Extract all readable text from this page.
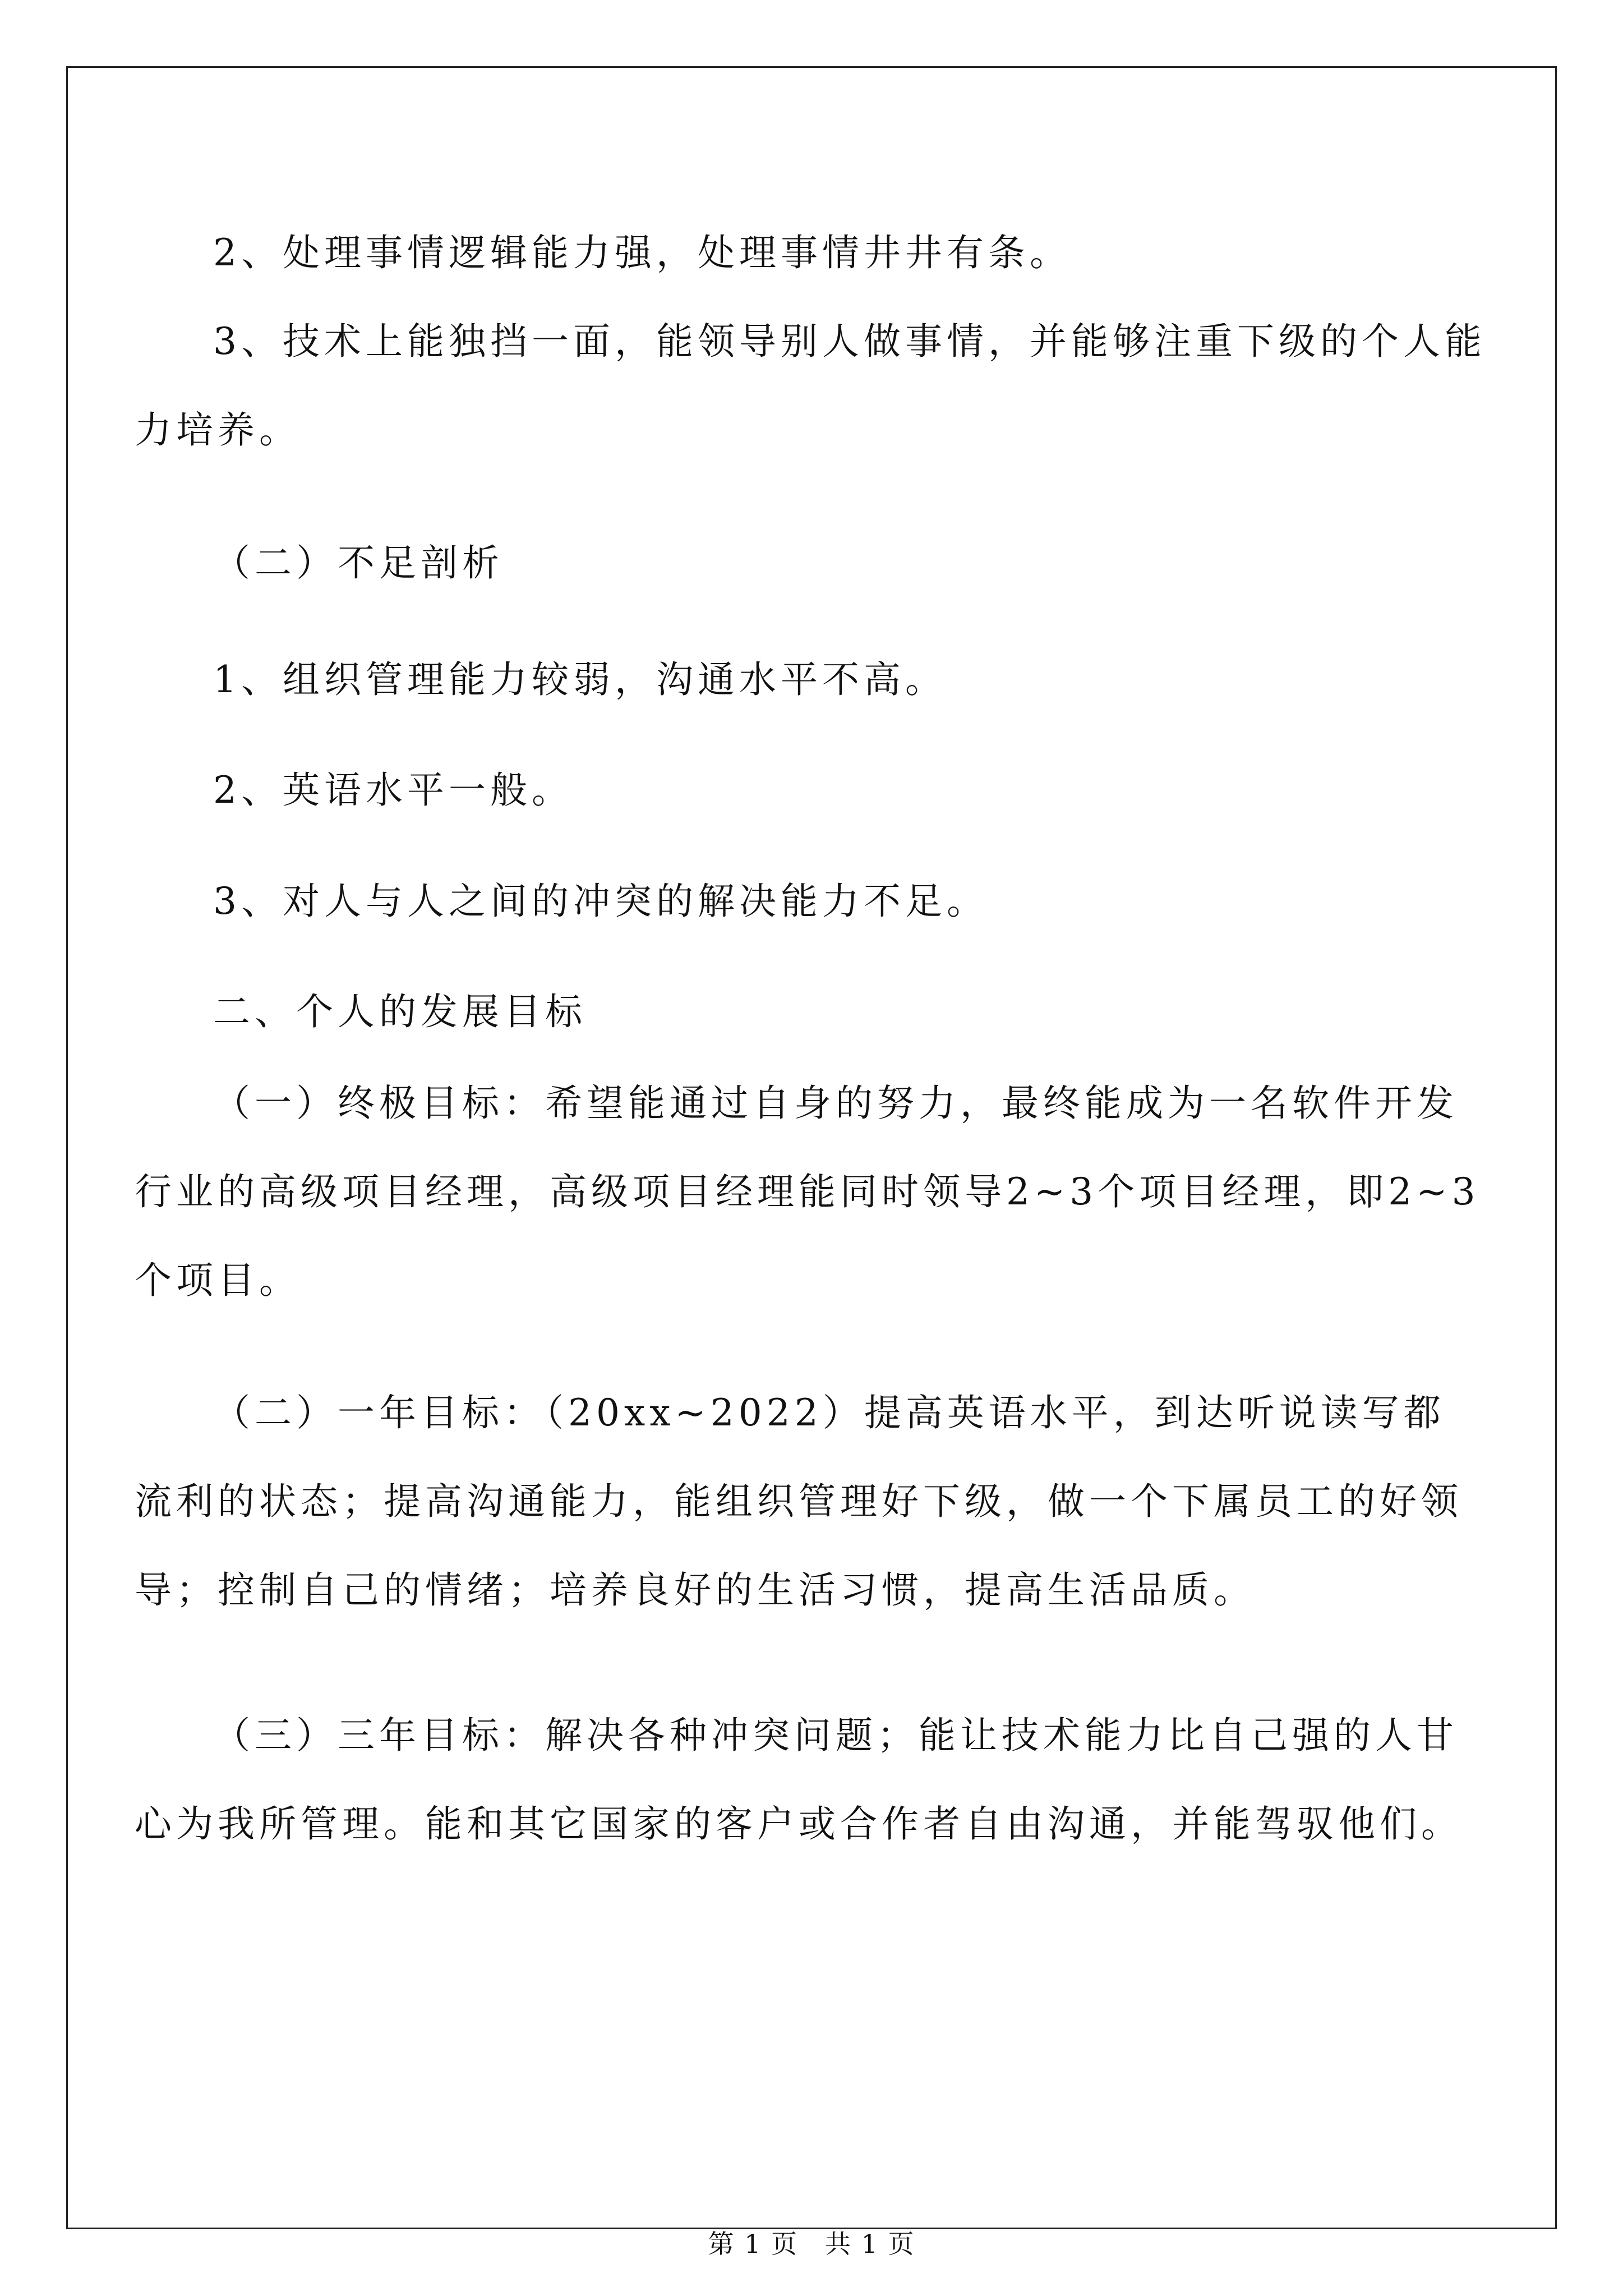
2、处理事情逻辑能力强，处理事情井井有条。

3、技术上能独挡一面，能领导别人做事情，并能够注重下级的个人能力培养。

（二）不足剖析

1、组织管理能力较弱，沟通水平不高。

2、英语水平一般。

3、对人与人之间的冲突的解决能力不足。

二、个人的发展目标

（一）终极目标：希望能通过自身的努力，最终能成为一名软件开发行业的高级项目经理，高级项目经理能同时领导2~3个项目经理，即2~3个项目。

（二）一年目标：（20xx~2022）提高英语水平，到达听说读写都流利的状态；提高沟通能力，能组织管理好下级，做一个下属员工的好领导；控制自己的情绪；培养良好的生活习惯，提高生活品质。

（三）三年目标：解决各种冲突问题；能让技术能力比自己强的人甘心为我所管理。能和其它国家的客户或合作者自由沟通，并能驾驭他们。

第 1 页　共 1 页
